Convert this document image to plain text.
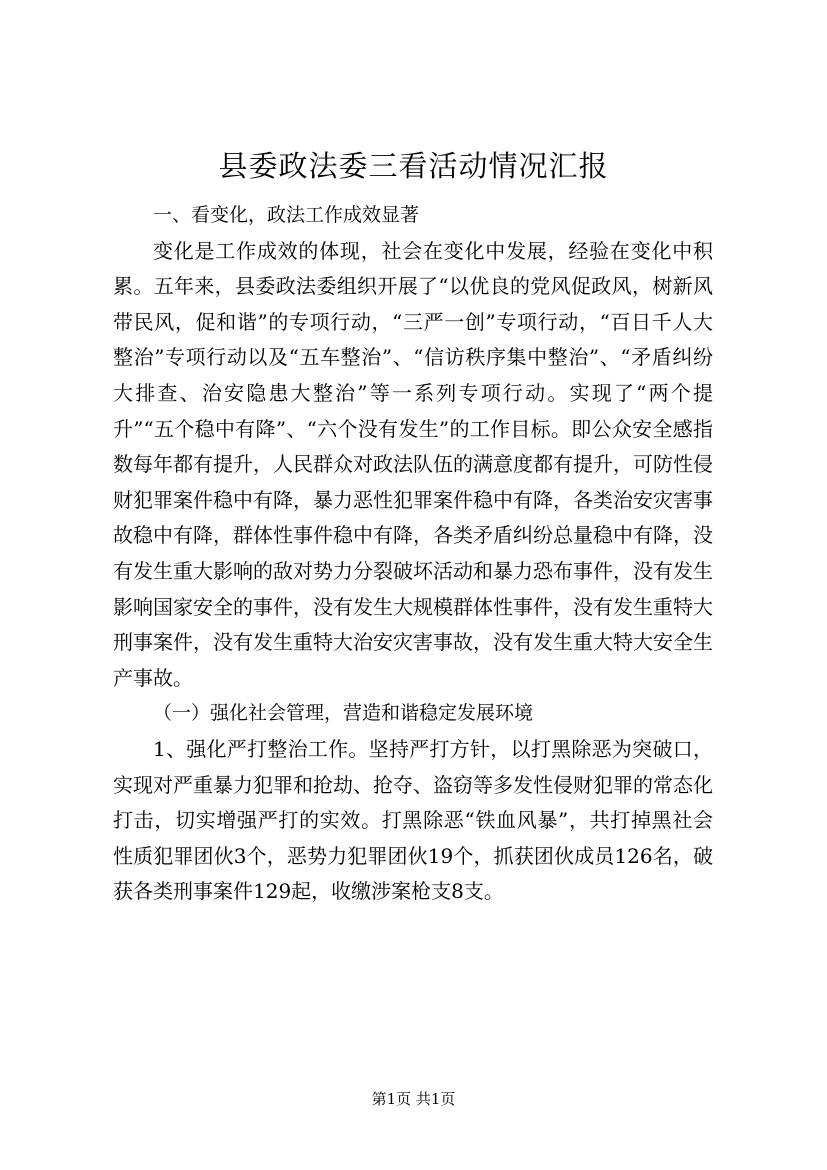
县委政法委三看活动情况汇报

一、看变化，政法工作成效显著

变化是工作成效的体现，社会在变化中发展，经验在变化中积累。五年来，县委政法委组织开展了“以优良的党风促政风，树新风带民风，促和谐”的专项行动，“三严一创”专项行动，“百日千人大整治”专项行动以及“五车整治”、“信访秩序集中整治”、“矛盾纠纷大排查、治安隐患大整治”等一系列专项行动。实现了“两个提升”“五个稳中有降”、“六个没有发生”的工作目标。即公众安全感指数每年都有提升，人民群众对政法队伍的满意度都有提升，可防性侵财犯罪案件稳中有降，暴力恶性犯罪案件稳中有降，各类治安灾害事故稳中有降，群体性事件稳中有降，各类矛盾纠纷总量稳中有降，没有发生重大影响的敌对势力分裂破坏活动和暴力恐布事件，没有发生影响国家安全的事件，没有发生大规模群体性事件，没有发生重特大刑事案件，没有发生重特大治安灾害事故，没有发生重大特大安全生产事故。

（一）强化社会管理，营造和谐稳定发展环境

1、强化严打整治工作。坚持严打方针，以打黑除恶为突破口，实现对严重暴力犯罪和抢劫、抢夺、盗窃等多发性侵财犯罪的常态化打击，切实增强严打的实效。打黑除恶“铁血风暴”，共打掉黑社会性质犯罪团伙3个，恶势力犯罪团伙19个，抓获团伙成员126名，破获各类刑事案件129起，收缴涉案枪支8支。

第1页 共1页
